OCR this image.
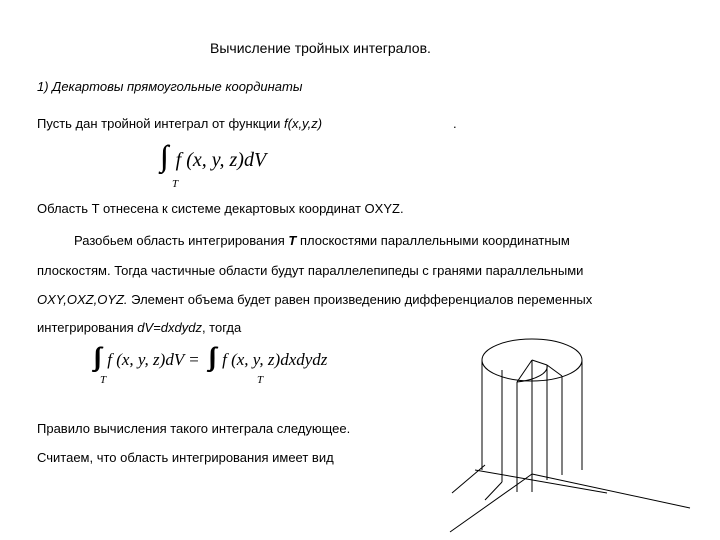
Вычисление тройных интегралов.
1) Декартовы прямоугольные координаты
Пусть дан тройной интеграл от функции f(x,y,z)	.
∫∫∫ f (x, y, z)dV
T
Область T отнесена к системе декартовых координат OXYZ.
Разобьем область интегрирования T плоскостями параллельными координатным
плоскостям. Тогда частичные области будут параллелепипеды с гранями параллельными
OXY,OXZ,OYZ. Элемент объема будет равен произведению дифференциалов переменных
интегрирования dV=dxdydz, тогда
f (x, y, z)dV = f (x, y, z)dxdydz
T	T
Правило вычисления такого интеграла следующее.
Считаем, что область интегрирования имеет вид
